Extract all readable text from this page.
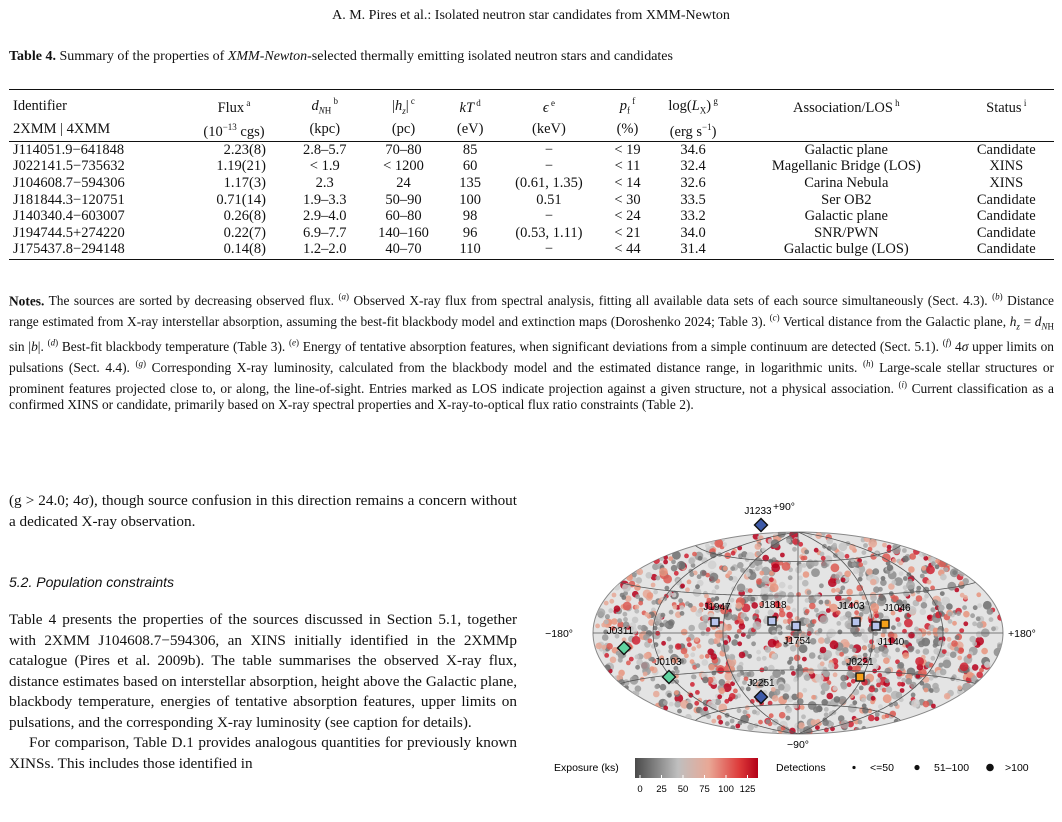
A. M. Pires et al.: Isolated neutron star candidates from XMM-Newton
Table 4. Summary of the properties of XMM-Newton-selected thermally emitting isolated neutron stars and candidates
Identifier	Flux $^a$	$d_{NH}$ $^b$	$|h_z|$ $^c$	kT $^d$	ϵ $^e$	$p_f$ $^f$	$\log(L_X)$ $^g$	Association/LOS $^h$	Status $^i$
2XMM | 4XMM	($10^{-13}$ cgs)	(kpc)	(pc)	(eV)	(keV)	(%)	(erg $s^{-1}$)		
J114051.9−641848	2.23(8)	2.8–5.7	70–80	85	−	< 19	34.6	Galactic plane	Candidate
J022141.5−735632	1.19(21)	< 1.9	< 1200	60	−	< 11	32.4	Magellanic Bridge (LOS)	XINS
J104608.7−594306	1.17(3)	2.3	24	135	(0.61, 1.35)	< 14	32.6	Carina Nebula	XINS
J181844.3−120751	0.71(14)	1.9–3.3	50–90	100	0.51	< 30	33.5	Ser OB2	Candidate
J140340.4−603007	0.26(8)	2.9–4.0	60–80	98	−	< 24	33.2	Galactic plane	Candidate
J194744.5+274220	0.22(7)	6.9–7.7	140–160	96	(0.53, 1.11)	< 21	34.0	SNR/PWN	Candidate
J175437.8−294148	0.14(8)	1.2–2.0	40–70	110	−	< 44	31.4	Galactic bulge (LOS)	Candidate
Notes. The sources are sorted by decreasing observed flux. $^{(a)}$ Observed X-ray flux from spectral analysis, fitting all available data sets of each source simultaneously (Sect. 4.3). $^{(b)}$ Distance range estimated from X-ray interstellar absorption, assuming the best-fit blackbody model and extinction maps (Doroshenko 2024; Table 3). $^{(c)}$ Vertical distance from the Galactic plane, $h_z = d_{NH}$ sin |b|. $^{(d)}$ Best-fit blackbody temperature (Table 3). $^{(e)}$ Energy of tentative absorption features, when significant deviations from a simple continuum are detected (Sect. 5.1). $^{(f)}$ 4σ upper limits on pulsations (Sect. 4.4). $^{(g)}$ Corresponding X-ray luminosity, calculated from the blackbody model and the estimated distance range, in logarithmic units. $^{(h)}$ Large-scale stellar structures or prominent features projected close to, or along, the line-of-sight. Entries marked as LOS indicate projection against a given structure, not a physical association. $^{(i)}$ Current classification as a confirmed XINS or candidate, primarily based on X-ray spectral properties and X-ray-to-optical flux ratio constraints (Table 2).
(g > 24.0; 4σ), though source confusion in this direction remains a concern without a dedicated X-ray observation.
5.2. Population constraints

Table 4 presents the properties of the sources discussed in Section 5.1, together with 2XMM J104608.7−594306, an XINS initially identified in the 2XMMp catalogue (Pires et al. 2009b). The table summarises the observed X-ray flux, distance estimates based on interstellar absorption, height above the Galactic plane, blackbody temperature, energies of tentative absorption features, upper limits on pulsations, and the corresponding X-ray luminosity (see caption for details).

For comparison, Table D.1 provides analogous quantities for previously known XINSs. This includes those identified in

+90°
−90°
−180°	+180°
J1233
J1947	J1818
J1754
J1403 J1046
J1140
J0221
J0311
J0103
J2251
Exposure (ks)
0 25 50 75 100 125
Detections	<=50	51–100	>100
